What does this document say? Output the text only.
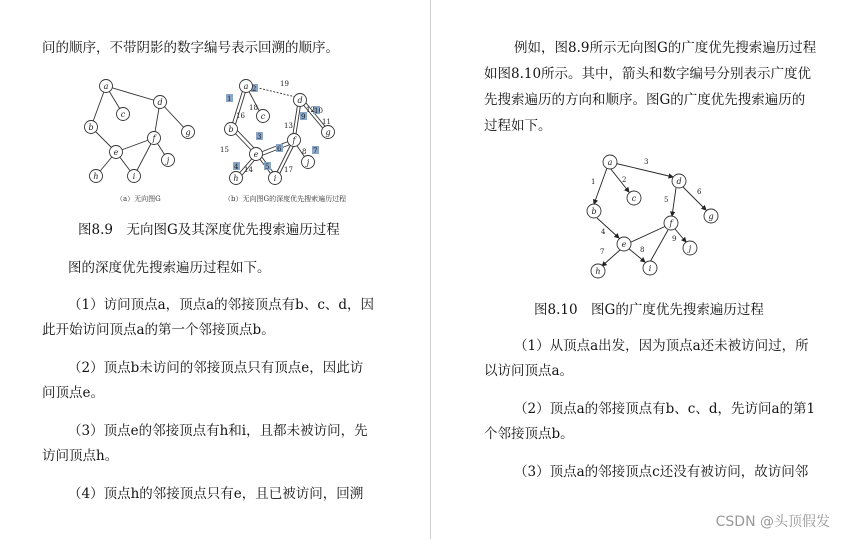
问的顺序，不带阴影的数字编号表示回溯的顺序。

a
b
c
d
e
f
g
h	i
j
（a）无向图G
1
2
10
9
3
4
6	7
5
19
16
18
15
14
12
11
13
8
17
a
b
c
d
e
f
g
h	i
j
（b）无向图G的深度优先搜索遍历过程
图8.9　无向图G及其深度优先搜索遍历过程

图的深度优先搜索遍历过程如下。

（1）访问顶点a，顶点a的邻接顶点有b、c、d，因

此开始访问顶点a的第一个邻接顶点b。

（2）顶点b未访问的邻接顶点只有顶点e，因此访

问顶点e。

（3）顶点e的邻接顶点有h和i，且都未被访问，先

访问顶点h。

（4）顶点h的邻接顶点只有e，且已被访问，回溯

例如，图8.9所示无向图G的广度优先搜索遍历过程

如图8.10所示。其中，箭头和数字编号分别表示广度优

先搜索遍历的方向和顺序。图G的广度优先搜索遍历的

过程如下。

1	2
3
4
5
6
7	8
9
a
b
c
d
e
f
g
h	i
j
图8.10　图G的广度优先搜索遍历过程

（1）从顶点a出发，因为顶点a还未被访问过，所

以访问顶点a。

（2）顶点a的邻接顶点有b、c、d，先访问a的第1

个邻接顶点b。

（3）顶点a的邻接顶点c还没有被访问，故访问邻

CSDN @头顶假发
